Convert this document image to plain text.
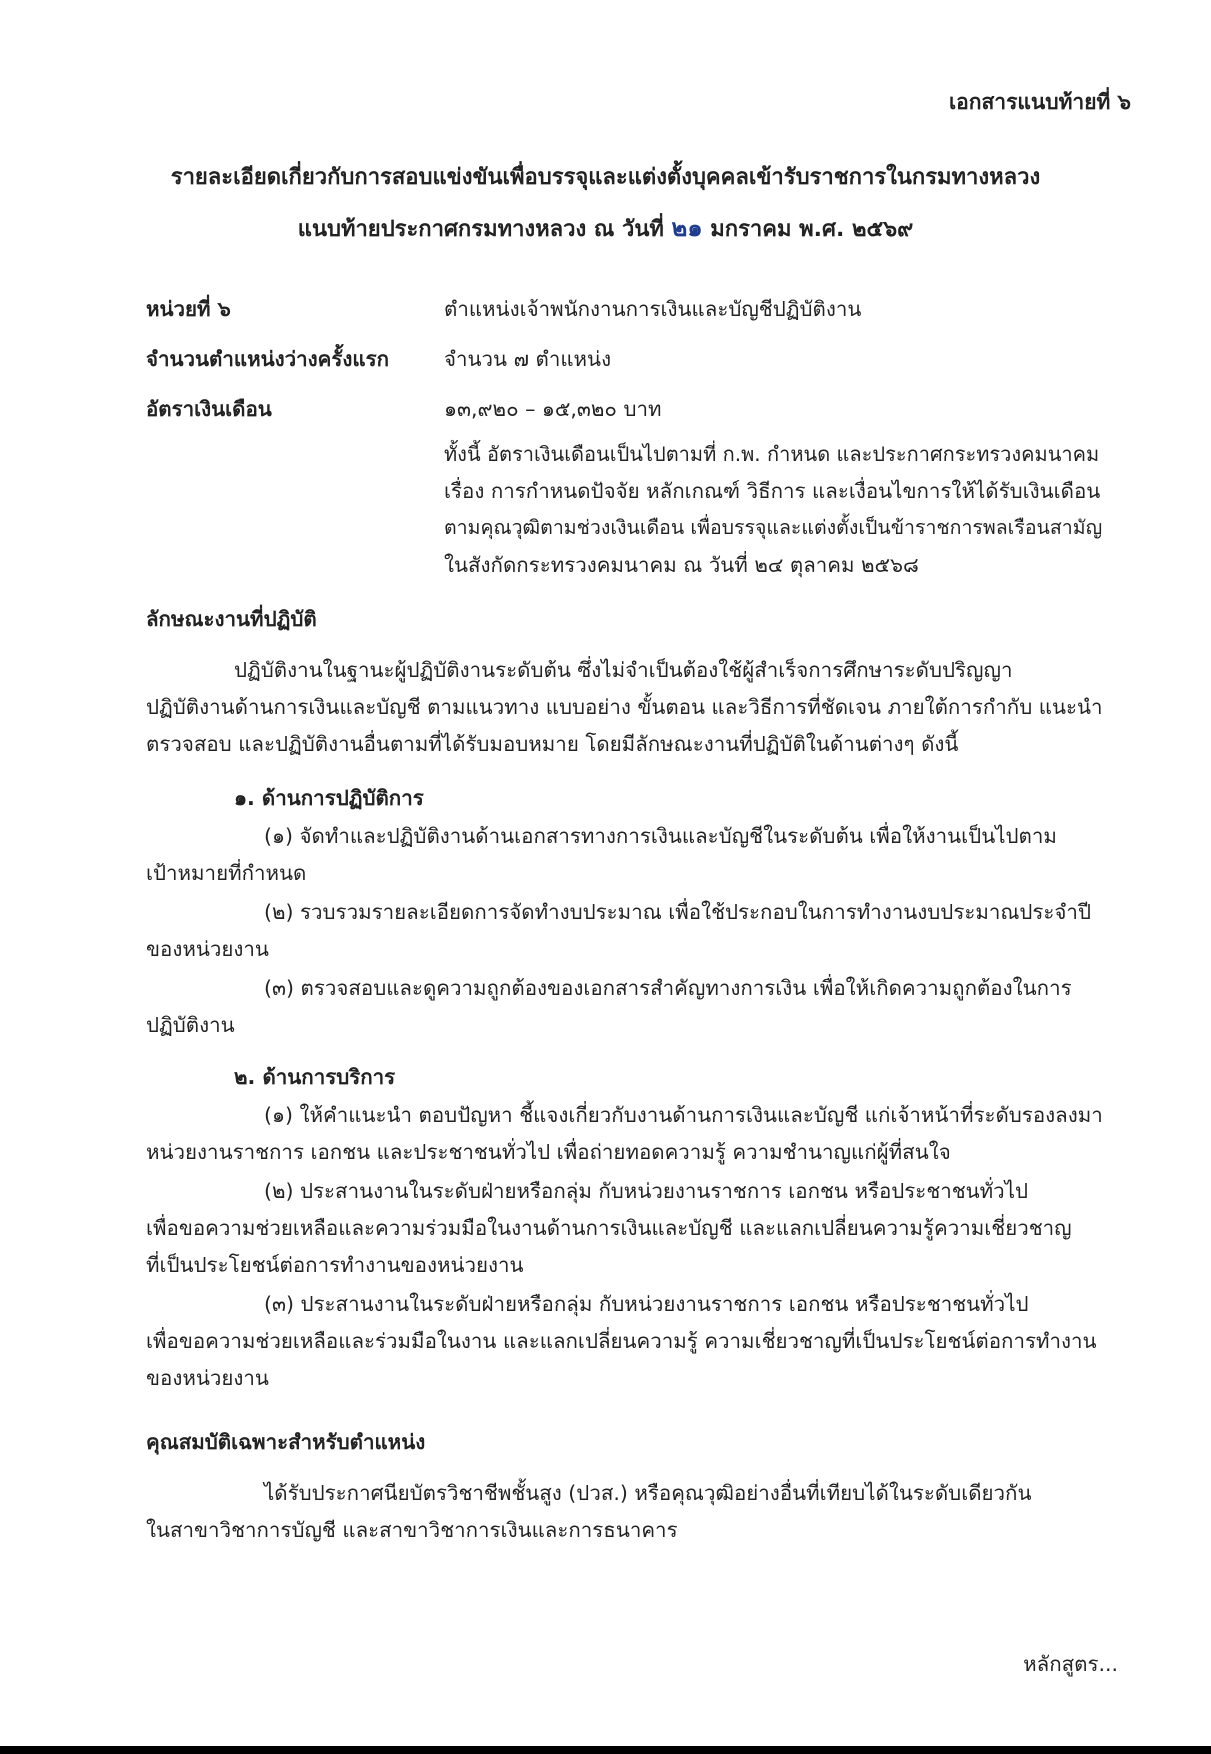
เอกสารแนบท้ายที่ ๖
รายละเอียดเกี่ยวกับการสอบแข่งขันเพื่อบรรจุและแต่งตั้งบุคคลเข้ารับราชการในกรมทางหลวง
แนบท้ายประกาศกรมทางหลวง ณ วันที่ ๒๑ มกราคม พ.ศ. ๒๕๖๙
หน่วยที่ ๖	ตำแหน่งเจ้าพนักงานการเงินและบัญชีปฏิบัติงาน
จำนวนตำแหน่งว่างครั้งแรก	จำนวน ๗ ตำแหน่ง
อัตราเงินเดือน	๑๓,๙๒๐ – ๑๕,๓๒๐ บาท
ทั้งนี้ อัตราเงินเดือนเป็นไปตามที่ ก.พ. กำหนด และประกาศกระทรวงคมนาคม
เรื่อง การกำหนดปัจจัย หลักเกณฑ์ วิธีการ และเงื่อนไขการให้ได้รับเงินเดือน
ตามคุณวุฒิตามช่วงเงินเดือน เพื่อบรรจุและแต่งตั้งเป็นข้าราชการพลเรือนสามัญ
ในสังกัดกระทรวงคมนาคม ณ วันที่ ๒๔ ตุลาคม ๒๕๖๘
ลักษณะงานที่ปฏิบัติ
ปฏิบัติงานในฐานะผู้ปฏิบัติงานระดับต้น ซึ่งไม่จำเป็นต้องใช้ผู้สำเร็จการศึกษาระดับปริญญา
ปฏิบัติงานด้านการเงินและบัญชี ตามแนวทาง แบบอย่าง ขั้นตอน และวิธีการที่ชัดเจน ภายใต้การกำกับ แนะนำ
ตรวจสอบ และปฏิบัติงานอื่นตามที่ได้รับมอบหมาย โดยมีลักษณะงานที่ปฏิบัติในด้านต่างๆ ดังนี้
๑. ด้านการปฏิบัติการ
(๑) จัดทำและปฏิบัติงานด้านเอกสารทางการเงินและบัญชีในระดับต้น เพื่อให้งานเป็นไปตาม
เป้าหมายที่กำหนด
(๒) รวบรวมรายละเอียดการจัดทำงบประมาณ เพื่อใช้ประกอบในการทำงานงบประมาณประจำปี
ของหน่วยงาน
(๓) ตรวจสอบและดูความถูกต้องของเอกสารสำคัญทางการเงิน เพื่อให้เกิดความถูกต้องในการ
ปฏิบัติงาน
๒. ด้านการบริการ
(๑) ให้คำแนะนำ ตอบปัญหา ชี้แจงเกี่ยวกับงานด้านการเงินและบัญชี แก่เจ้าหน้าที่ระดับรองลงมา
หน่วยงานราชการ เอกชน และประชาชนทั่วไป เพื่อถ่ายทอดความรู้ ความชำนาญแก่ผู้ที่สนใจ
(๒) ประสานงานในระดับฝ่ายหรือกลุ่ม กับหน่วยงานราชการ เอกชน หรือประชาชนทั่วไป
เพื่อขอความช่วยเหลือและความร่วมมือในงานด้านการเงินและบัญชี และแลกเปลี่ยนความรู้ความเชี่ยวชาญ
ที่เป็นประโยชน์ต่อการทำงานของหน่วยงาน
(๓) ประสานงานในระดับฝ่ายหรือกลุ่ม กับหน่วยงานราชการ เอกชน หรือประชาชนทั่วไป
เพื่อขอความช่วยเหลือและร่วมมือในงาน และแลกเปลี่ยนความรู้ ความเชี่ยวชาญที่เป็นประโยชน์ต่อการทำงาน
ของหน่วยงาน
คุณสมบัติเฉพาะสำหรับตำแหน่ง
ได้รับประกาศนียบัตรวิชาชีพชั้นสูง (ปวส.) หรือคุณวุฒิอย่างอื่นที่เทียบได้ในระดับเดียวกัน
ในสาขาวิชาการบัญชี และสาขาวิชาการเงินและการธนาคาร
หลักสูตร...
